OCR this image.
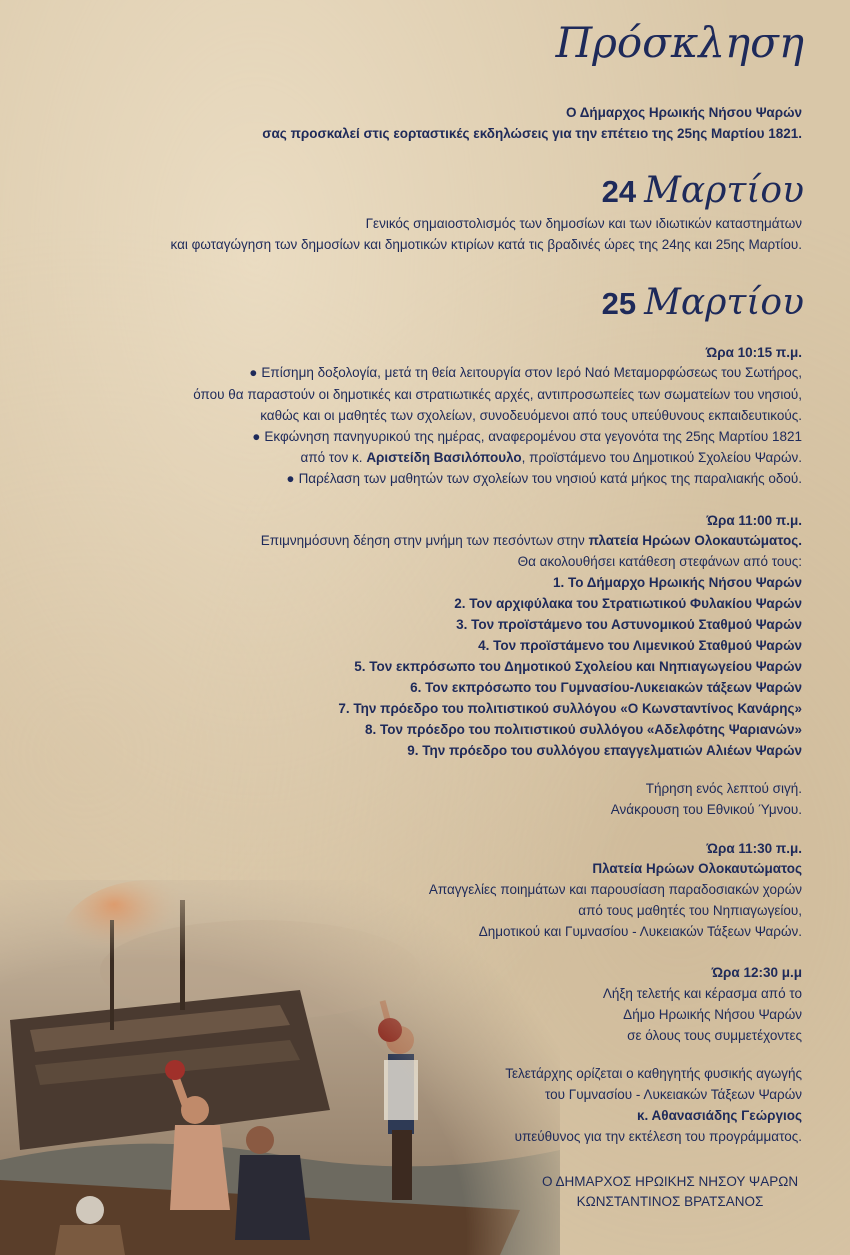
Πρόσκληση
Ο Δήμαρχος Ηρωικής Νήσου Ψαρών
σας προσκαλεί στις εορταστικές εκδηλώσεις για την επέτειο της 25ης Μαρτίου 1821.
24 Μαρτίου
Γενικός σημαιοστολισμός των δημοσίων και των ιδιωτικών καταστημάτων
και φωταγώγηση των δημοσίων και δημοτικών κτιρίων κατά τις βραδινές ώρες της 24ης και 25ης Μαρτίου.
25 Μαρτίου
Ώρα 10:15 π.μ.
● Επίσημη δοξολογία, μετά τη θεία λειτουργία στον Ιερό Ναό Μεταμορφώσεως του Σωτήρος,
όπου θα παραστούν οι δημοτικές και στρατιωτικές αρχές, αντιπροσωπείες των σωματείων του νησιού,
καθώς και οι μαθητές των σχολείων, συνοδευόμενοι από τους υπεύθυνους εκπαιδευτικούς.
● Εκφώνηση πανηγυρικού της ημέρας, αναφερομένου στα γεγονότα της 25ης Μαρτίου 1821
από τον κ. Αριστείδη Βασιλόπουλο, προϊστάμενο του Δημοτικού Σχολείου Ψαρών.
● Παρέλαση των μαθητών των σχολείων του νησιού κατά μήκος της παραλιακής οδού.
Ώρα 11:00 π.μ.
Επιμνημόσυνη δέηση στην μνήμη των πεσόντων στην πλατεία Ηρώων Ολοκαυτώματος.
Θα ακολουθήσει κατάθεση στεφάνων από τους:
1. Το Δήμαρχο Ηρωικής Νήσου Ψαρών
2. Τον αρχιφύλακα του Στρατιωτικού Φυλακίου Ψαρών
3. Τον προϊστάμενο του Αστυνομικού Σταθμού Ψαρών
4. Τον προϊστάμενο του Λιμενικού Σταθμού Ψαρών
5. Τον εκπρόσωπο του Δημοτικού Σχολείου και Νηπιαγωγείου Ψαρών
6. Τον εκπρόσωπο του Γυμνασίου-Λυκειακών τάξεων Ψαρών
7. Την πρόεδρο του πολιτιστικού συλλόγου «Ο Κωνσταντίνος Κανάρης»
8. Τον πρόεδρο του πολιτιστικού συλλόγου «Αδελφότης Ψαριανών»
9. Την πρόεδρο του συλλόγου επαγγελματιών Αλιέων Ψαρών
Τήρηση ενός λεπτού σιγή.
Ανάκρουση του Εθνικού Ύμνου.
Ώρα 11:30 π.μ.
Πλατεία Ηρώων Ολοκαυτώματος
Απαγγελίες ποιημάτων και παρουσίαση παραδοσιακών χορών
από τους μαθητές του Νηπιαγωγείου,
Δημοτικού και Γυμνασίου - Λυκειακών Τάξεων Ψαρών.
Ώρα 12:30 μ.μ
Λήξη τελετής και κέρασμα από το
Δήμο Ηρωικής Νήσου Ψαρών
σε όλους τους συμμετέχοντες
Τελετάρχης ορίζεται ο καθηγητής φυσικής αγωγής
του Γυμνασίου - Λυκειακών Τάξεων Ψαρών
κ. Αθανασιάδης Γεώργιος
υπεύθυνος για την εκτέλεση του προγράμματος.
Ο ΔΗΜΑΡΧΟΣ ΗΡΩΙΚΗΣ ΝΗΣΟΥ ΨΑΡΩΝ
ΚΩΝΣΤΑΝΤΙΝΟΣ ΒΡΑΤΣΑΝΟΣ
